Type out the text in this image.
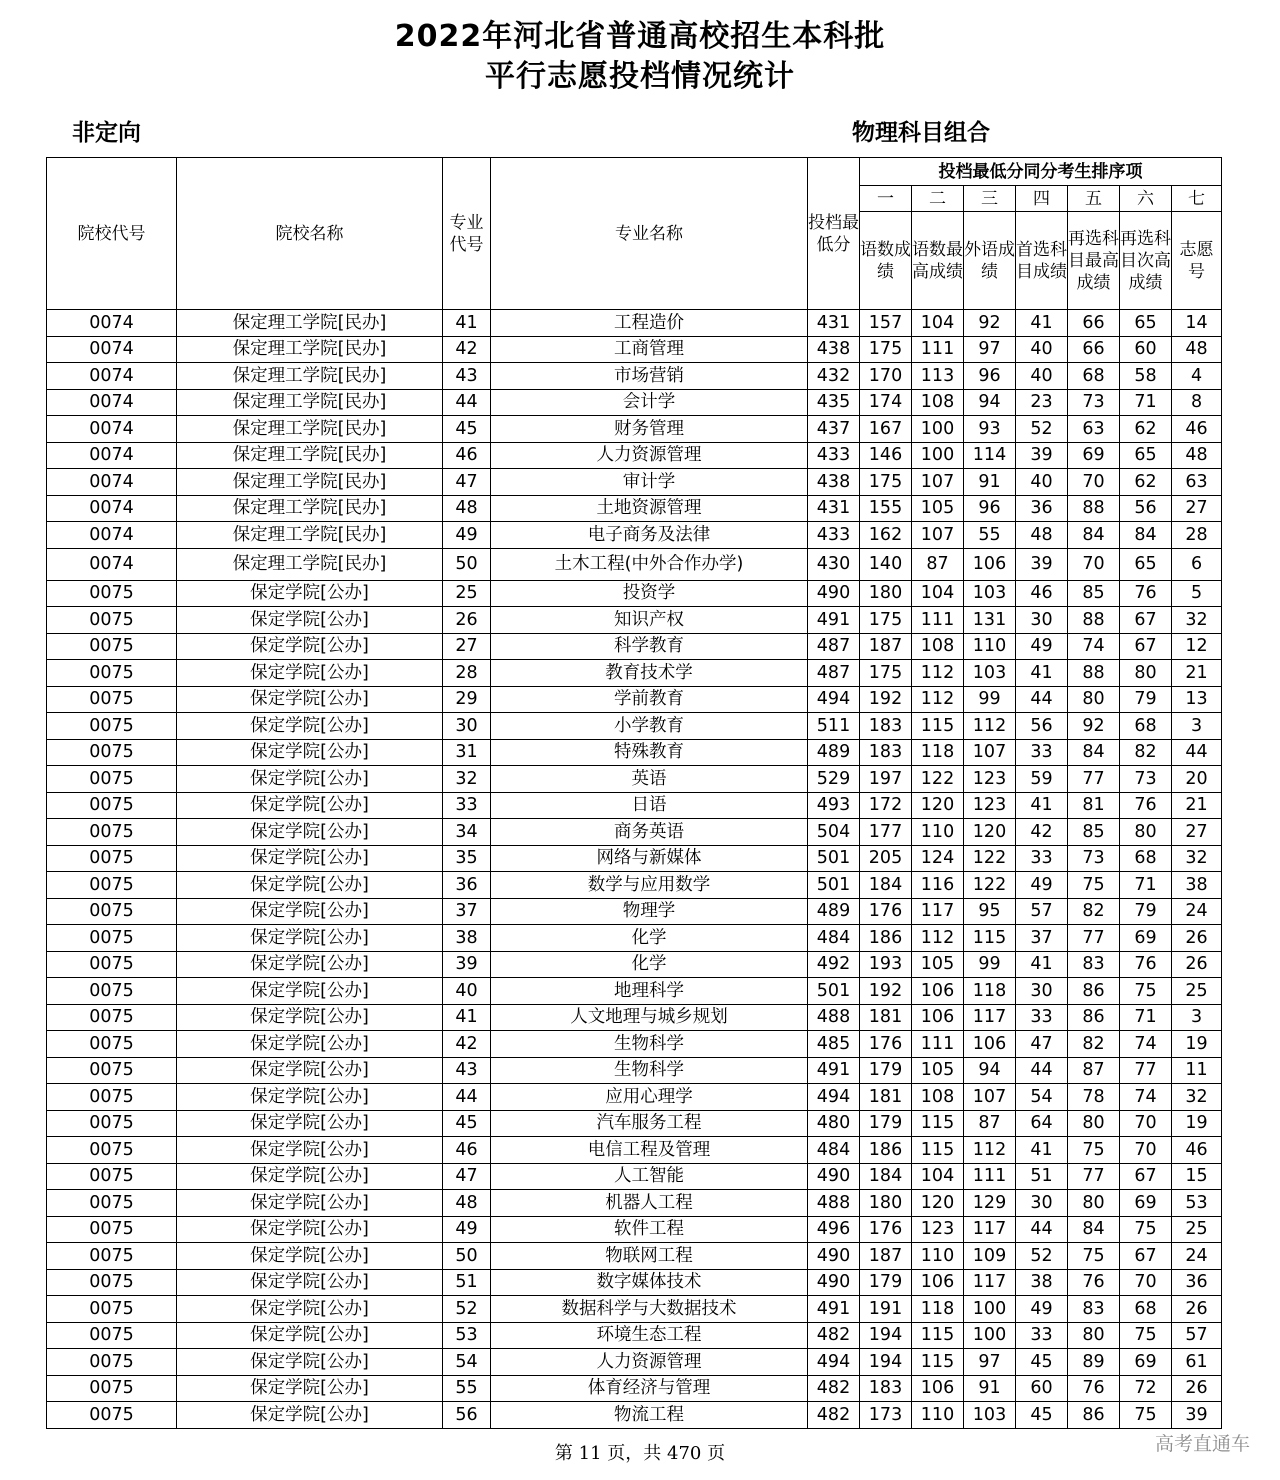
2022年河北省普通高校招生本科批
平行志愿投档情况统计
非定向	物理科目组合
院校代号	院校名称	专业代号	专业名称	投档最低分	投档最低分同分考生排序项						
					一	二	三	四	五	六	七
					语数成绩	语数最高成绩	外语成绩	首选科目成绩	再选科目最高成绩	再选科目次高成绩	志愿号
0074	保定理工学院[民办]	41	工程造价	431	157	104	92	41	66	65	14
0074	保定理工学院[民办]	42	工商管理	438	175	111	97	40	66	60	48
0074	保定理工学院[民办]	43	市场营销	432	170	113	96	40	68	58	4
0074	保定理工学院[民办]	44	会计学	435	174	108	94	23	73	71	8
0074	保定理工学院[民办]	45	财务管理	437	167	100	93	52	63	62	46
0074	保定理工学院[民办]	46	人力资源管理	433	146	100	114	39	69	65	48
0074	保定理工学院[民办]	47	审计学	438	175	107	91	40	70	62	63
0074	保定理工学院[民办]	48	土地资源管理	431	155	105	96	36	88	56	27
0074	保定理工学院[民办]	49	电子商务及法律	433	162	107	55	48	84	84	28
0074	保定理工学院[民办]	50	土木工程(中外合作办学)	430	140	87	106	39	70	65	6
0075	保定学院[公办]	25	投资学	490	180	104	103	46	85	76	5
0075	保定学院[公办]	26	知识产权	491	175	111	131	30	88	67	32
0075	保定学院[公办]	27	科学教育	487	187	108	110	49	74	67	12
0075	保定学院[公办]	28	教育技术学	487	175	112	103	41	88	80	21
0075	保定学院[公办]	29	学前教育	494	192	112	99	44	80	79	13
0075	保定学院[公办]	30	小学教育	511	183	115	112	56	92	68	3
0075	保定学院[公办]	31	特殊教育	489	183	118	107	33	84	82	44
0075	保定学院[公办]	32	英语	529	197	122	123	59	77	73	20
0075	保定学院[公办]	33	日语	493	172	120	123	41	81	76	21
0075	保定学院[公办]	34	商务英语	504	177	110	120	42	85	80	27
0075	保定学院[公办]	35	网络与新媒体	501	205	124	122	33	73	68	32
0075	保定学院[公办]	36	数学与应用数学	501	184	116	122	49	75	71	38
0075	保定学院[公办]	37	物理学	489	176	117	95	57	82	79	24
0075	保定学院[公办]	38	化学	484	186	112	115	37	77	69	26
0075	保定学院[公办]	39	化学	492	193	105	99	41	83	76	26
0075	保定学院[公办]	40	地理科学	501	192	106	118	30	86	75	25
0075	保定学院[公办]	41	人文地理与城乡规划	488	181	106	117	33	86	71	3
0075	保定学院[公办]	42	生物科学	485	176	111	106	47	82	74	19
0075	保定学院[公办]	43	生物科学	491	179	105	94	44	87	77	11
0075	保定学院[公办]	44	应用心理学	494	181	108	107	54	78	74	32
0075	保定学院[公办]	45	汽车服务工程	480	179	115	87	64	80	70	19
0075	保定学院[公办]	46	电信工程及管理	484	186	115	112	41	75	70	46
0075	保定学院[公办]	47	人工智能	490	184	104	111	51	77	67	15
0075	保定学院[公办]	48	机器人工程	488	180	120	129	30	80	69	53
0075	保定学院[公办]	49	软件工程	496	176	123	117	44	84	75	25
0075	保定学院[公办]	50	物联网工程	490	187	110	109	52	75	67	24
0075	保定学院[公办]	51	数字媒体技术	490	179	106	117	38	76	70	36
0075	保定学院[公办]	52	数据科学与大数据技术	491	191	118	100	49	83	68	26
0075	保定学院[公办]	53	环境生态工程	482	194	115	100	33	80	75	57
0075	保定学院[公办]	54	人力资源管理	494	194	115	97	45	89	69	61
0075	保定学院[公办]	55	体育经济与管理	482	183	106	91	60	76	72	26
0075	保定学院[公办]	56	物流工程	482	173	110	103	45	86	75	39
第 11 页，共 470 页	高考直通车
